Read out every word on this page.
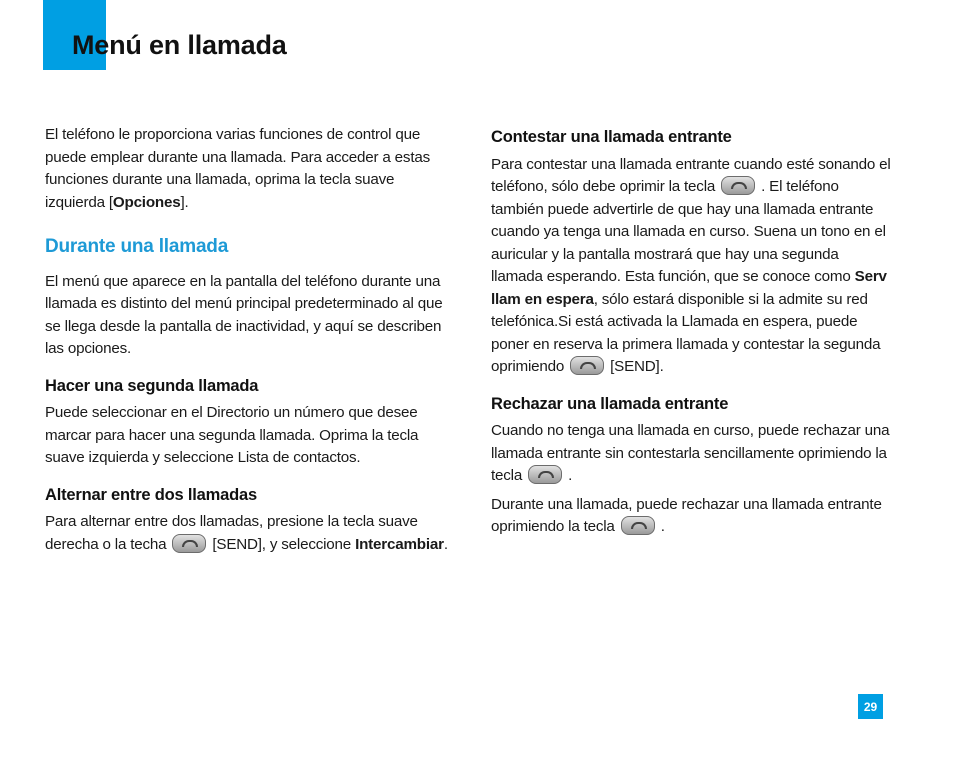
Menú en llamada

El teléfono le proporciona varias funciones de control que puede emplear durante una llamada. Para acceder a estas funciones durante una llamada, oprima la tecla suave izquierda [Opciones].

Durante una llamada

El menú que aparece en la pantalla del teléfono durante una llamada es distinto del menú principal predeterminado al que se llega desde la pantalla de inactividad, y aquí se describen las opciones.

Hacer una segunda llamada

Puede seleccionar en el Directorio un número que desee marcar para hacer una segunda llamada. Oprima la tecla suave izquierda y seleccione Lista de contactos.

Alternar entre dos llamadas

Para alternar entre dos llamadas, presione la tecla suave derecha o la techa	[SEND], y seleccione Intercambiar.

Contestar una llamada entrante

Para contestar una llamada entrante cuando esté sonando el teléfono, sólo debe oprimir la tecla	. El teléfono también puede advertirle de que hay una llamada entrante cuando ya tenga una llamada en curso. Suena un tono en el auricular y la pantalla mostrará que hay una segunda llamada esperando. Esta función, que se conoce como Serv llam en espera, sólo estará disponible si la admite su red telefónica.Si está activada la Llamada en espera, puede poner en reserva la primera llamada y contestar la segunda oprimiendo	[SEND].

Rechazar una llamada entrante

Cuando no tenga una llamada en curso, puede rechazar una llamada entrante sin contestarla sencillamente oprimiendo la tecla	.

Durante una llamada, puede rechazar una llamada entrante oprimiendo la tecla	.

29
